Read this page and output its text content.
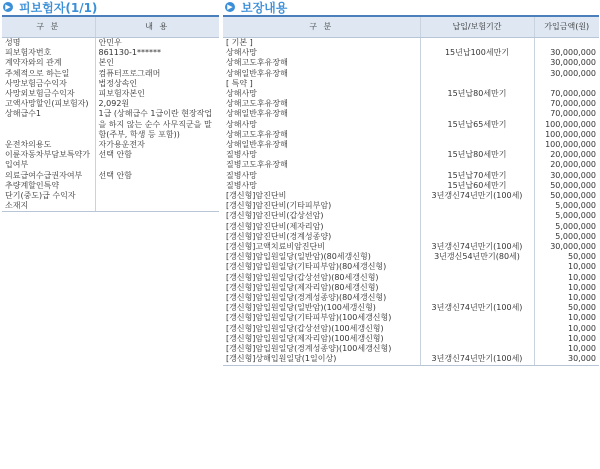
▶ 피보험자(1/1)	▶ 보장내용
구 분	내 용
성명	안민우
피보험자번호	861130-1******
계약자와의 관계	본인
주체적으로 하는일	컴퓨터프로그래머
사망보험금수익자	법정상속인
사망외보험금수익자	피보험자본인
고액사망할인(피보험자)	2,092원
상해급수1	1급 (상해급수 1급이란 현장작업을 하지 않는 순수 사무직군을 말함(주부, 학생 등 포함))
운전차의용도	자가용운전자
이륜자동차부담보특약가입여부	선택 안함
의료급여수급권자여부	선택 안함
추량계할인특약	
단기(중도)급 수익자	
소재지	
구 분	납입/보험기간	가입금액(원)
[ 기본 ]		
상해사망	15년납100세만기	30,000,000
상해고도후유장해		30,000,000
상해일반후유장해		30,000,000
[ 특약 ]		
상해사망	15년납80세만기	70,000,000
상해고도후유장해		70,000,000
상해일반후유장해		70,000,000
상해사망	15년납65세만기	100,000,000
상해고도후유장해		100,000,000
상해일반후유장해		100,000,000
질병사망	15년납80세만기	20,000,000
질병고도후유장해		20,000,000
질병사망	15년납70세만기	30,000,000
질병사망	15년납60세만기	50,000,000
[갱신형]암진단비	3년갱신74년만기(100세)	50,000,000
[갱신형]암진단비(기타피부암)		5,000,000
[갱신형]암진단비(갑상선암)		5,000,000
[갱신형]암진단비(제자리암)		5,000,000
[갱신형]암진단비(경계성종양)		5,000,000
[갱신형]고액치료비암진단비	3년갱신74년만기(100세)	30,000,000
[갱신형]암입원일당(일반암)(80세갱신형)	3년갱신54년만기(80세)	50,000
[갱신형]암입원일당(기타피부암)(80세갱신형)		10,000
[갱신형]암입원일당(갑상선암)(80세갱신형)		10,000
[갱신형]암입원일당(제자리암)(80세갱신형)		10,000
[갱신형]암입원일당(경계성종양)(80세갱신형)		10,000
[갱신형]암입원일당(일반암)(100세갱신형)	3년갱신74년만기(100세)	50,000
[갱신형]암입원일당(기타피부암)(100세갱신형)		10,000
[갱신형]암입원일당(갑상선암)(100세갱신형)		10,000
[갱신형]암입원일당(제자리암)(100세갱신형)		10,000
[갱신형]암입원일당(경계성종양)(100세갱신형)		10,000
[갱신형]상해입원일당(1일이상)	3년갱신74년만기(100세)	30,000
